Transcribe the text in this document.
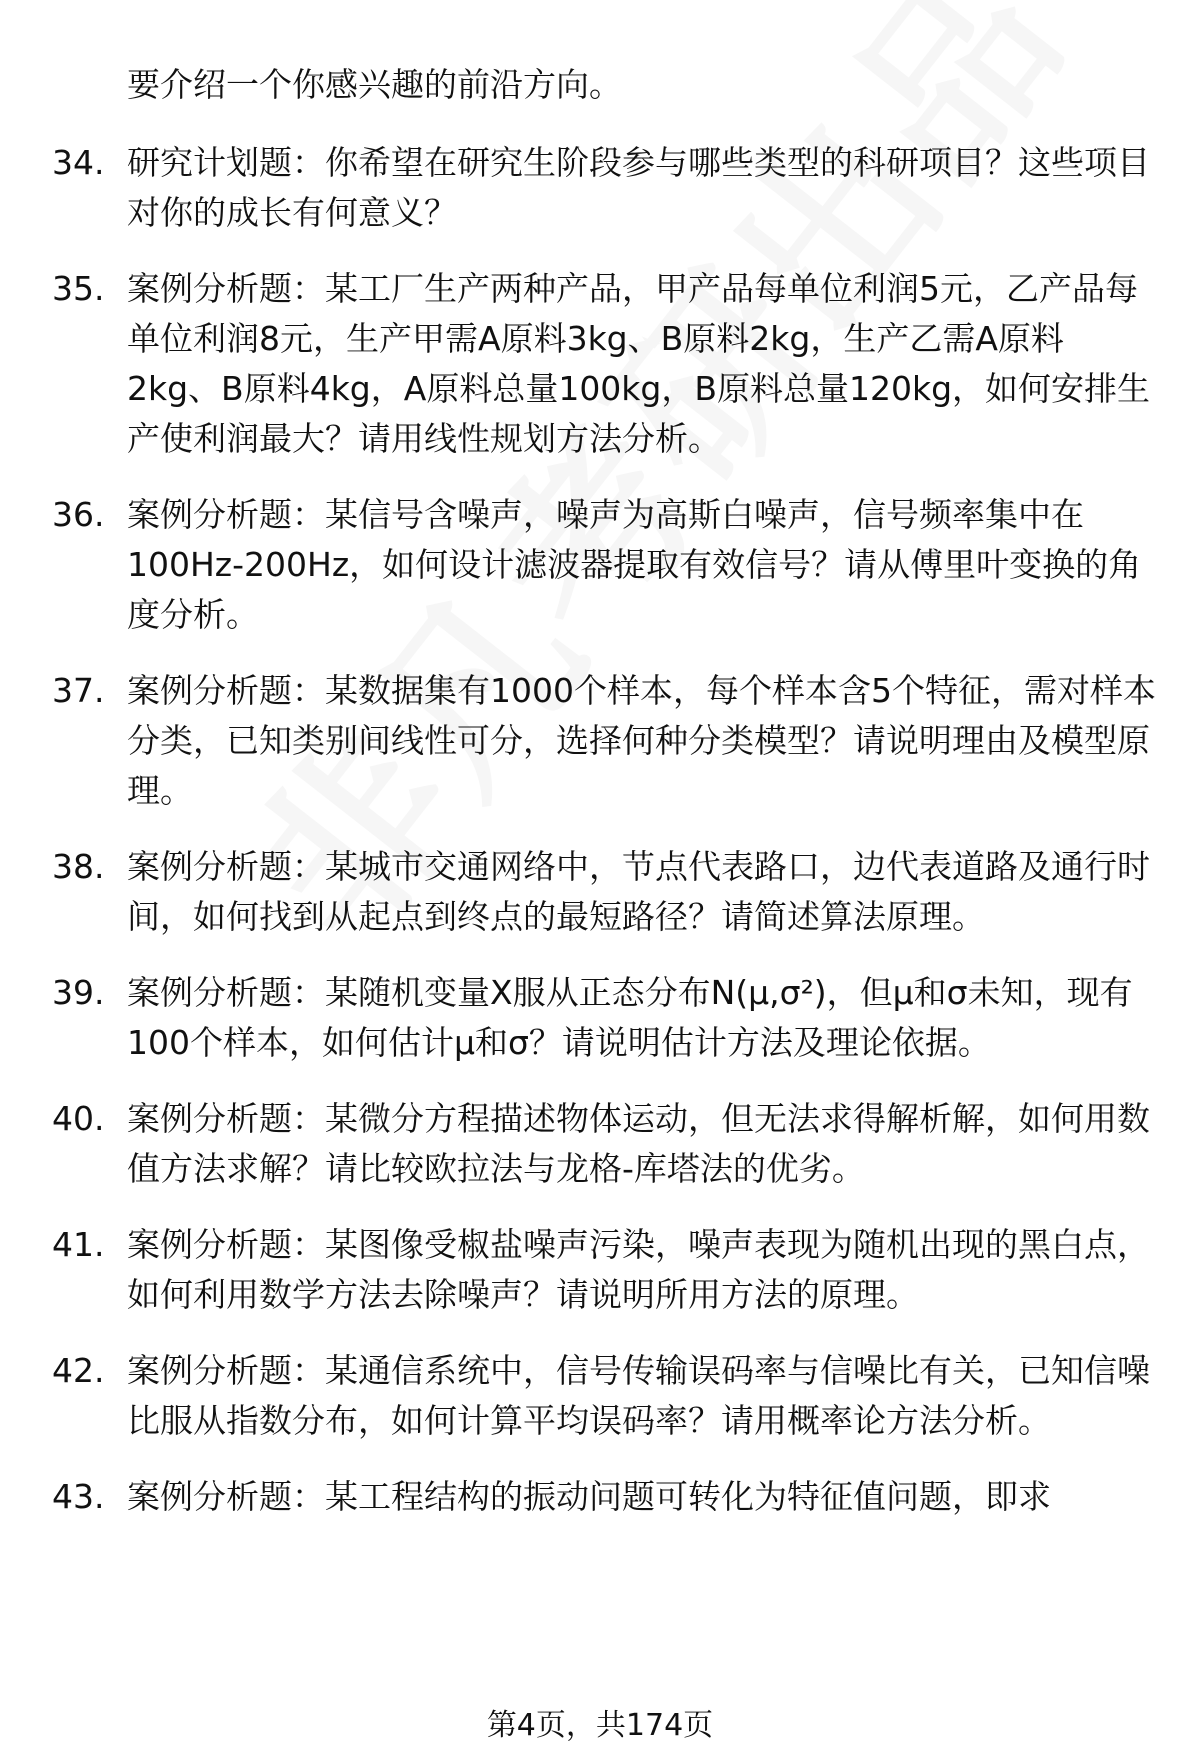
要介绍一个你感兴趣的前沿方向。
34. 研究计划题：你希望在研究生阶段参与哪些类型的科研项目？这些项目对你的成长有何意义？
35. 案例分析题：某工厂生产两种产品，甲产品每单位利润5元，乙产品每单位利润8元，生产甲需A原料3kg、B原料2kg，生产乙需A原料2kg、B原料4kg，A原料总量100kg，B原料总量120kg，如何安排生产使利润最大？请用线性规划方法分析。
36. 案例分析题：某信号含噪声，噪声为高斯白噪声，信号频率集中在100Hz-200Hz，如何设计滤波器提取有效信号？请从傅里叶变换的角度分析。
37. 案例分析题：某数据集有1000个样本，每个样本含5个特征，需对样本分类，已知类别间线性可分，选择何种分类模型？请说明理由及模型原理。
38. 案例分析题：某城市交通网络中，节点代表路口，边代表道路及通行时间，如何找到从起点到终点的最短路径？请简述算法原理。
39. 案例分析题：某随机变量X服从正态分布N(μ,σ²)，但μ和σ未知，现有100个样本，如何估计μ和σ？请说明估计方法及理论依据。
40. 案例分析题：某微分方程描述物体运动，但无法求得解析解，如何用数值方法求解？请比较欧拉法与龙格-库塔法的优劣。
41. 案例分析题：某图像受椒盐噪声污染，噪声表现为随机出现的黑白点，如何利用数学方法去除噪声？请说明所用方法的原理。
42. 案例分析题：某通信系统中，信号传输误码率与信噪比有关，已知信噪比服从指数分布，如何计算平均误码率？请用概率论方法分析。
43. 案例分析题：某工程结构的振动问题可转化为特征值问题，即求
第4页，共174页
